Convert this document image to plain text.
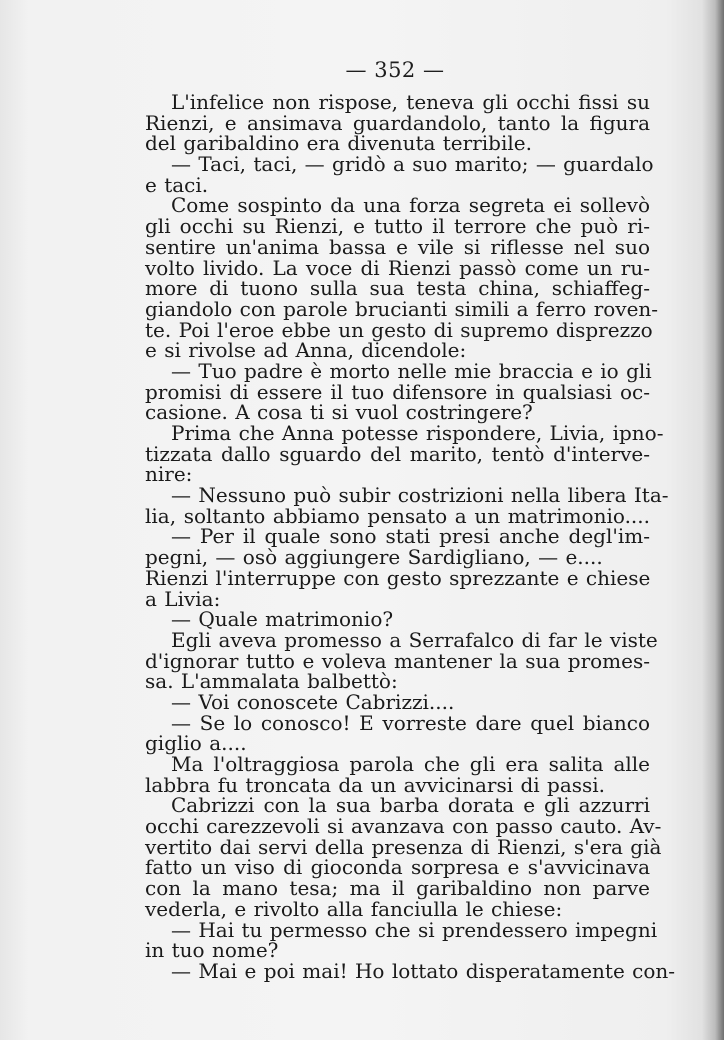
— 352 —
L'infelice non rispose, teneva gli occhi fissi su
Rienzi, e ansimava guardandolo, tanto la figura
del garibaldino era divenuta terribile.
— Taci, taci, — gridò a suo marito; — guardalo
e taci.
Come sospinto da una forza segreta ei sollevò
gli occhi su Rienzi, e tutto il terrore che può ri-
sentire un'anima bassa e vile si riflesse nel suo
volto livido. La voce di Rienzi passò come un ru-
more di tuono sulla sua testa china, schiaffeg-
giandolo con parole brucianti simili a ferro roven-
te. Poi l'eroe ebbe un gesto di supremo disprezzo
e si rivolse ad Anna, dicendole:
— Tuo padre è morto nelle mie braccia e io gli
promisi di essere il tuo difensore in qualsiasi oc-
casione. A cosa ti si vuol costringere?
Prima che Anna potesse rispondere, Livia, ipno-
tizzata dallo sguardo del marito, tentò d'interve-
nire:
— Nessuno può subir costrizioni nella libera Ita-
lia, soltanto abbiamo pensato a un matrimonio....
— Per il quale sono stati presi anche degl'im-
pegni, — osò aggiungere Sardigliano, — e....
Rienzi l'interruppe con gesto sprezzante e chiese
a Livia:
— Quale matrimonio?
Egli aveva promesso a Serrafalco di far le viste
d'ignorar tutto e voleva mantener la sua promes-
sa. L'ammalata balbettò:
— Voi conoscete Cabrizzi....
— Se lo conosco! E vorreste dare quel bianco
giglio a....
Ma l'oltraggiosa parola che gli era salita alle
labbra fu troncata da un avvicinarsi di passi.
Cabrizzi con la sua barba dorata e gli azzurri
occhi carezzevoli si avanzava con passo cauto. Av-
vertito dai servi della presenza di Rienzi, s'era già
fatto un viso di gioconda sorpresa e s'avvicinava
con la mano tesa; ma il garibaldino non parve
vederla, e rivolto alla fanciulla le chiese:
— Hai tu permesso che si prendessero impegni
in tuo nome?
— Mai e poi mai! Ho lottato disperatamente con-
